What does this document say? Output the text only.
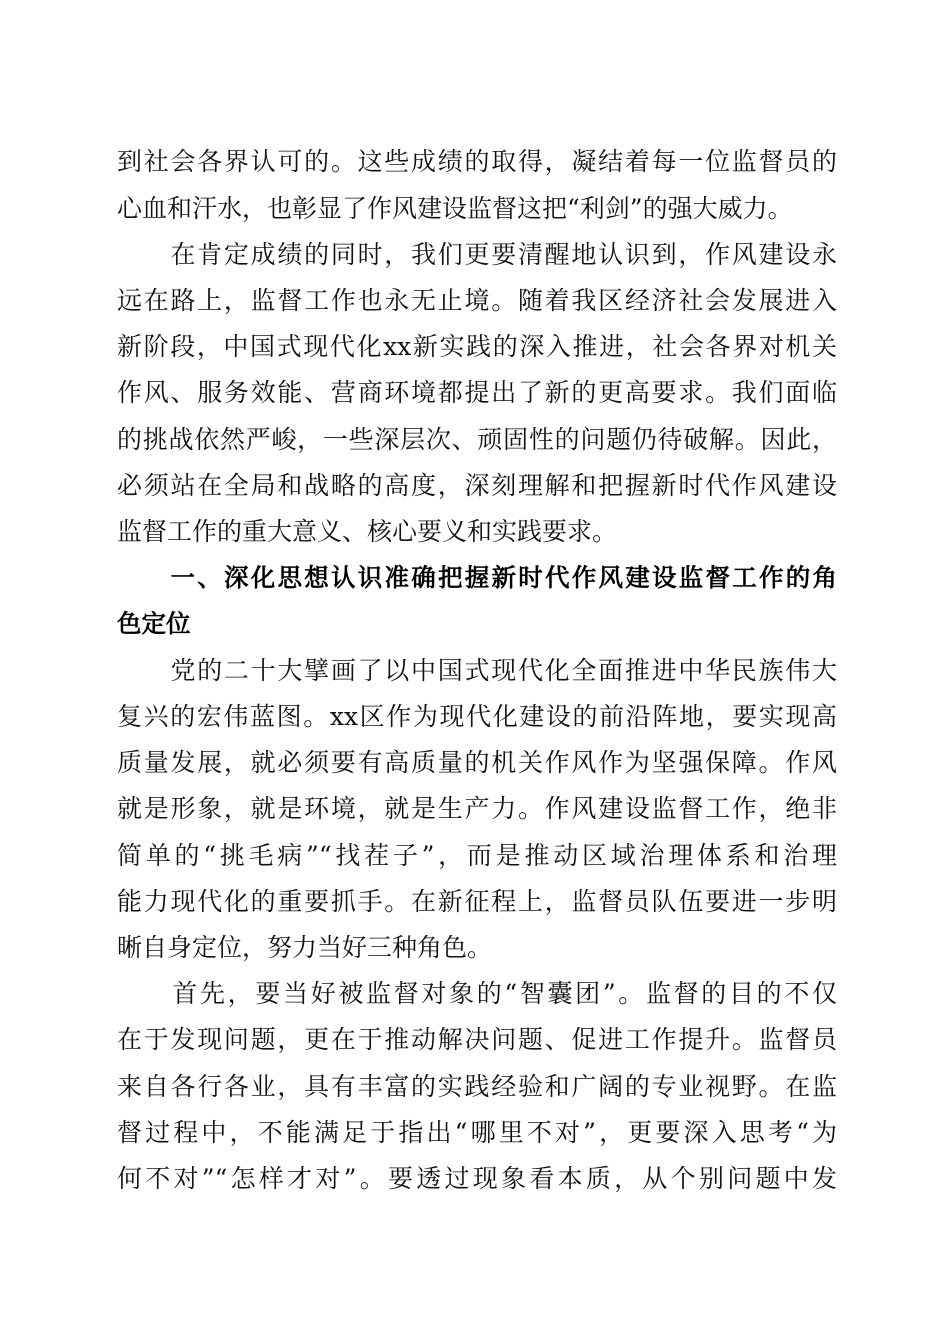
到社会各界认可的。这些成绩的取得，凝结着每一位监督员的
心血和汗水，也彰显了作风建设监督这把“利剑”的强大威力。
　　在肯定成绩的同时，我们更要清醒地认识到，作风建设永
远在路上，监督工作也永无止境。随着我区经济社会发展进入
新阶段，中国式现代化xx新实践的深入推进，社会各界对机关
作风、服务效能、营商环境都提出了新的更高要求。我们面临
的挑战依然严峻，一些深层次、顽固性的问题仍待破解。因此，
必须站在全局和战略的高度，深刻理解和把握新时代作风建设
监督工作的重大意义、核心要义和实践要求。
　　一、深化思想认识准确把握新时代作风建设监督工作的角
色定位
　　党的二十大擘画了以中国式现代化全面推进中华民族伟大
复兴的宏伟蓝图。xx区作为现代化建设的前沿阵地，要实现高
质量发展，就必须要有高质量的机关作风作为坚强保障。作风
就是形象，就是环境，就是生产力。作风建设监督工作，绝非
简单的“挑毛病”“找茬子”，而是推动区域治理体系和治理
能力现代化的重要抓手。在新征程上，监督员队伍要进一步明
晰自身定位，努力当好三种角色。
　　首先，要当好被监督对象的“智囊团”。监督的目的不仅
在于发现问题，更在于推动解决问题、促进工作提升。监督员
来自各行各业，具有丰富的实践经验和广阔的专业视野。在监
督过程中，不能满足于指出“哪里不对”，更要深入思考“为
何不对”“怎样才对”。要透过现象看本质，从个别问题中发
